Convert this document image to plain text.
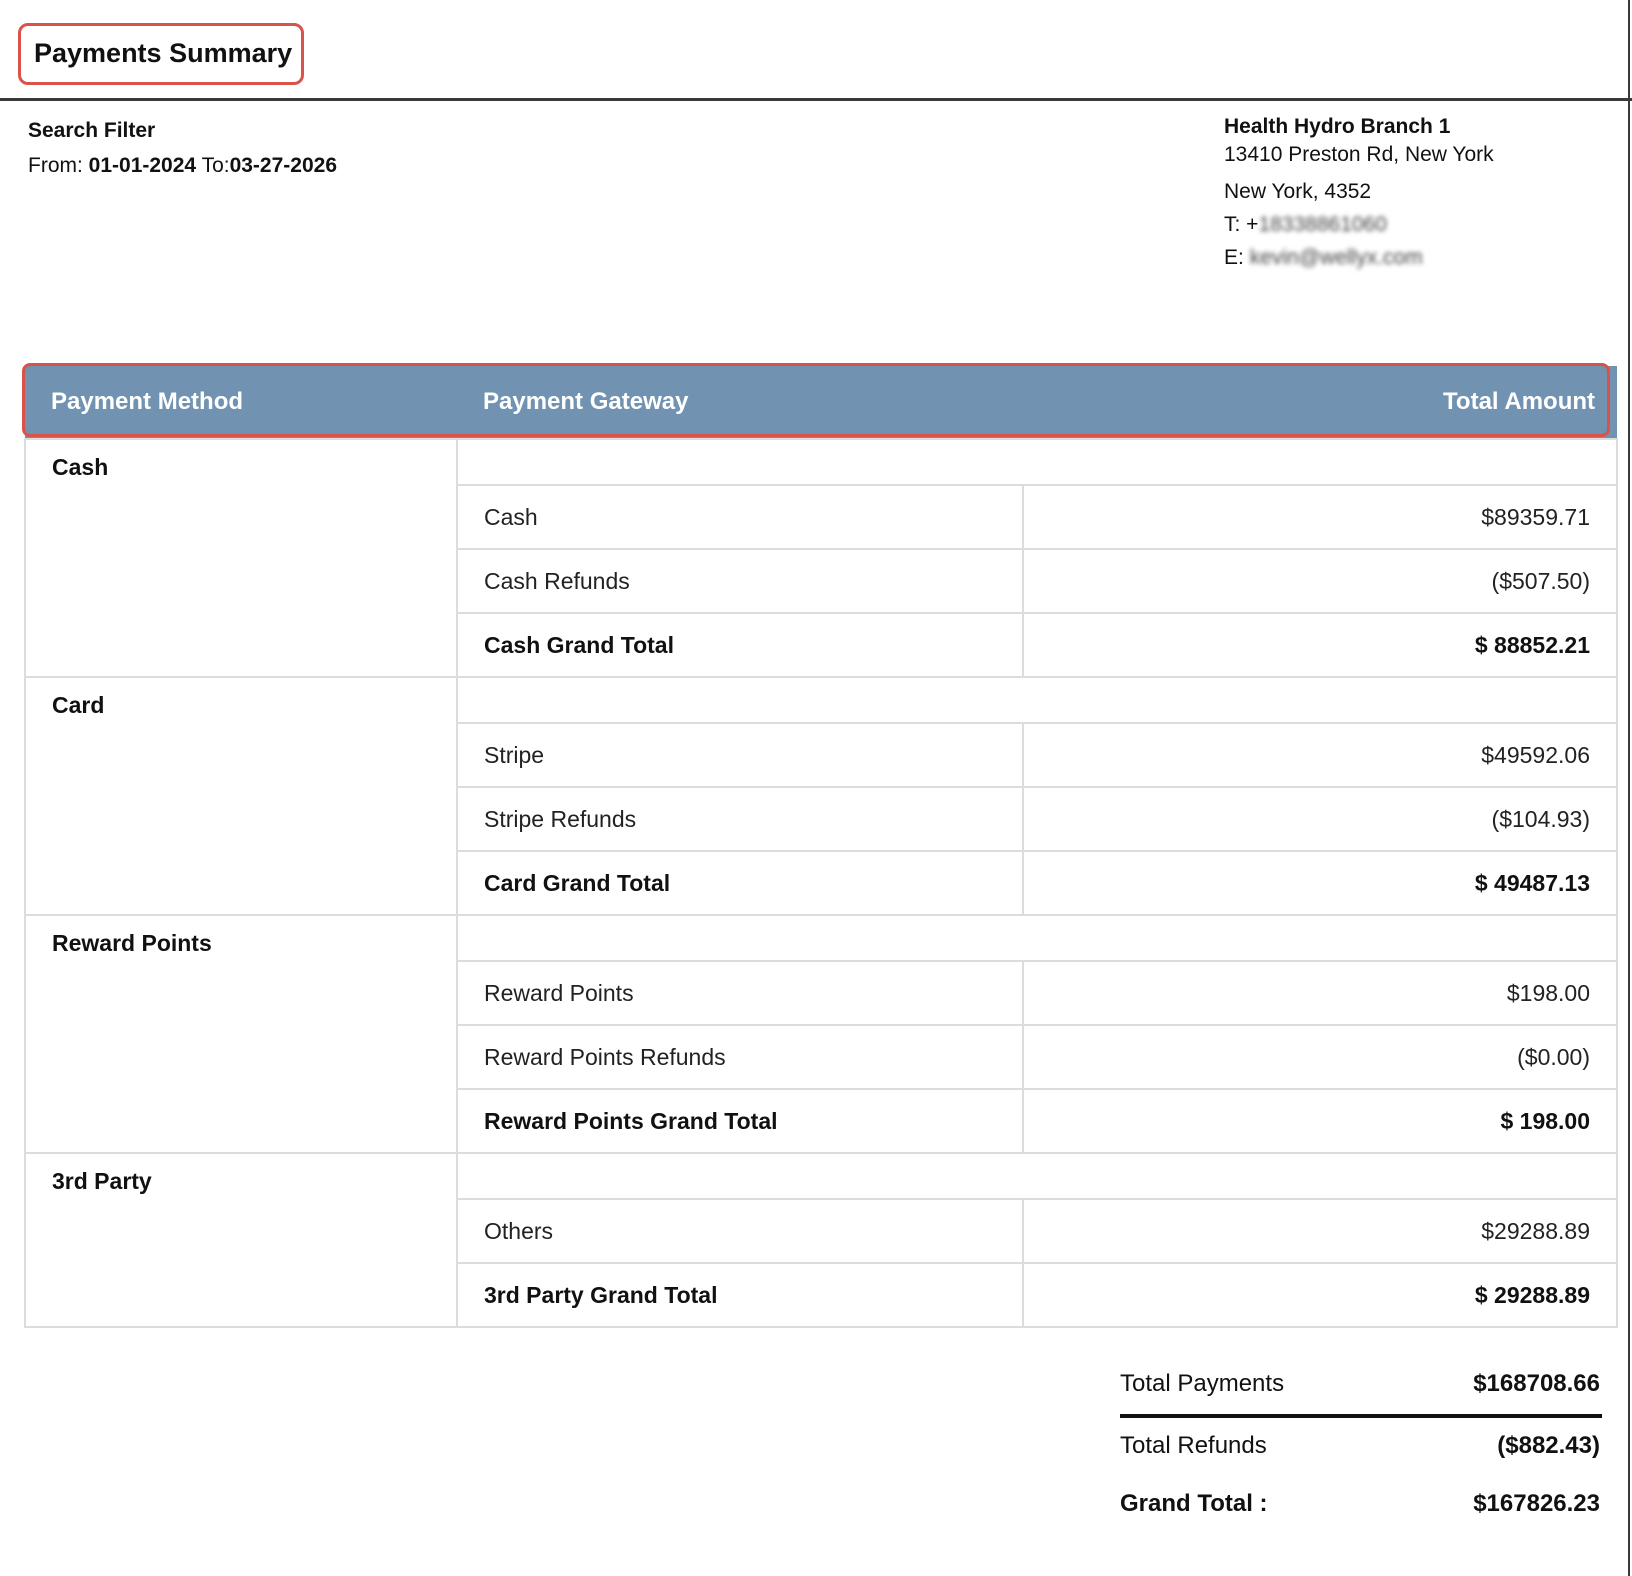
Payments Summary
Search Filter
From: 01-01-2024 To:03-27-2026
Health Hydro Branch 1
13410 Preston Rd, New York
New York, 4352
T: +18338861060
E: kevin@wellyx.com
Payment Method	Payment Gateway	Total Amount
Cash		
	Cash	$89359.71
	Cash Refunds	($507.50)
	Cash Grand Total	$ 88852.21
Card		
	Stripe	$49592.06
	Stripe Refunds	($104.93)
	Card Grand Total	$ 49487.13
Reward Points		
	Reward Points	$198.00
	Reward Points Refunds	($0.00)
	Reward Points Grand Total	$ 198.00
3rd Party		
	Others	$29288.89
	3rd Party Grand Total	$ 29288.89
Total Payments	$168708.66
Total Refunds	($882.43)
Grand Total :	$167826.23
